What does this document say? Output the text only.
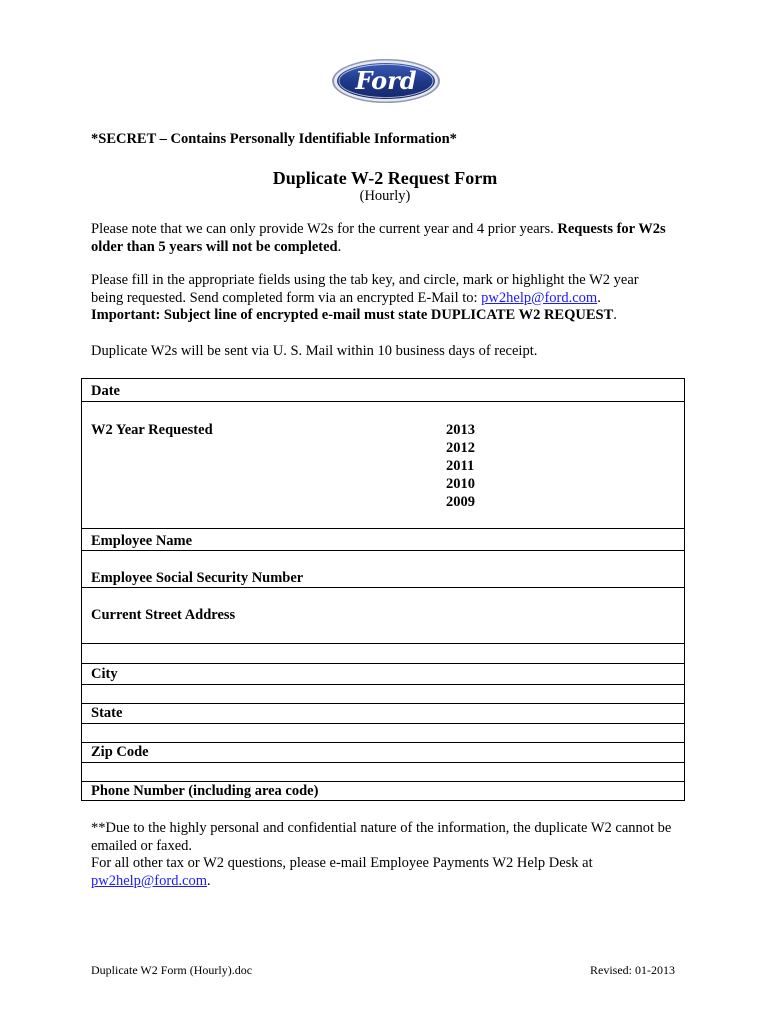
Ford
*SECRET – Contains Personally Identifiable Information*
Duplicate W-2 Request Form
(Hourly)
Please note that we can only provide W2s for the current year and 4 prior years. Requests for W2s older than 5 years will not be completed.
Please fill in the appropriate fields using the tab key, and circle, mark or highlight the W2 year
being requested. Send completed form via an encrypted E-Mail to: pw2help@ford.com.
Important: Subject line of encrypted e-mail must state DUPLICATE W2 REQUEST.
Duplicate W2s will be sent via U. S. Mail within 10 business days of receipt.
Date
W2 Year Requested	2013
2012
2011
2010
2009
Employee Name
Employee Social Security Number
Current Street Address
City
State
Zip Code
Phone Number (including area code)
**Due to the highly personal and confidential nature of the information, the duplicate W2 cannot be emailed or faxed.
For all other tax or W2 questions, please e-mail Employee Payments W2 Help Desk at
pw2help@ford.com.
Duplicate W2 Form (Hourly).doc	Revised: 01-2013
